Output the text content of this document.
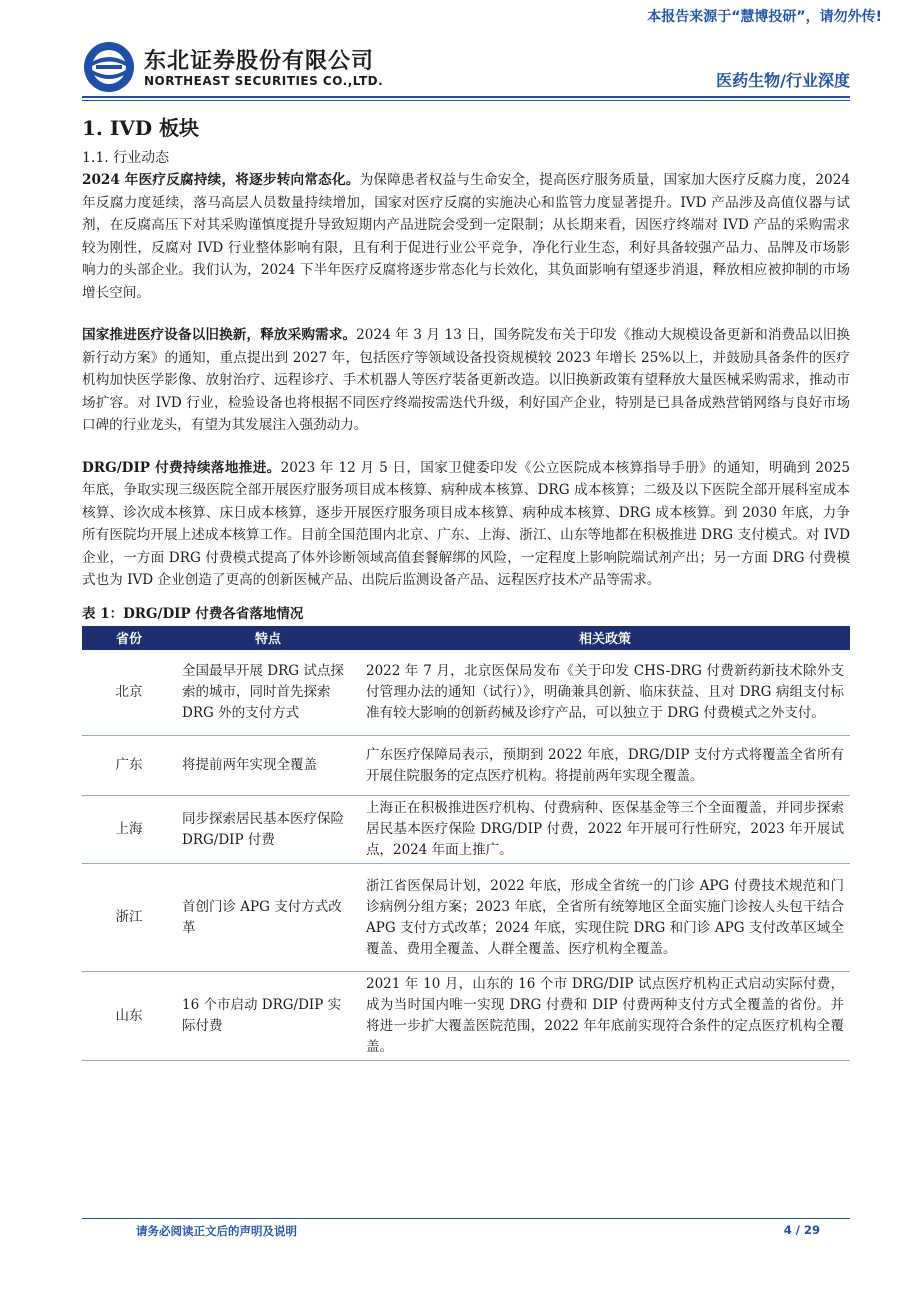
本报告来源于“慧博投研”，请勿外传!
东北证券股份有限公司
NORTHEAST SECURITIES CO.,LTD.	医药生物/行业深度
1. IVD 板块
1.1. 行业动态

2024 年医疗反腐持续，将逐步转向常态化。为保障患者权益与生命安全，提高医疗服务质量，国家加大医疗反腐力度，2024 年反腐力度延续，落马高层人员数量持续增加，国家对医疗反腐的实施决心和监管力度显著提升。IVD 产品涉及高值仪器与试剂，在反腐高压下对其采购谨慎度提升导致短期内产品进院会受到一定限制；从长期来看，因医疗终端对 IVD 产品的采购需求较为刚性，反腐对 IVD 行业整体影响有限，且有利于促进行业公平竞争，净化行业生态，利好具备较强产品力、品牌及市场影响力的头部企业。我们认为，2024 下半年医疗反腐将逐步常态化与长效化，其负面影响有望逐步消退，释放相应被抑制的市场增长空间。

国家推进医疗设备以旧换新，释放采购需求。2024 年 3 月 13 日，国务院发布关于印发《推动大规模设备更新和消费品以旧换新行动方案》的通知，重点提出到 2027 年，包括医疗等领域设备投资规模较 2023 年增长 25%以上，并鼓励具备条件的医疗机构加快医学影像、放射治疗、远程诊疗、手术机器人等医疗装备更新改造。以旧换新政策有望释放大量医械采购需求，推动市场扩容。对 IVD 行业，检验设备也将根据不同医疗终端按需迭代升级，利好国产企业，特别是已具备成熟营销网络与良好市场口碑的行业龙头，有望为其发展注入强劲动力。

DRG/DIP 付费持续落地推进。2023 年 12 月 5 日，国家卫健委印发《公立医院成本核算指导手册》的通知，明确到 2025 年底，争取实现三级医院全部开展医疗服务项目成本核算、病种成本核算、DRG 成本核算；二级及以下医院全部开展科室成本核算、诊次成本核算、床日成本核算，逐步开展医疗服务项目成本核算、病种成本核算、DRG 成本核算。到 2030 年底，力争所有医院均开展上述成本核算工作。目前全国范围内北京、广东、上海、浙江、山东等地都在积极推进 DRG 支付模式。对 IVD 企业，一方面 DRG 付费模式提高了体外诊断领域高值套餐解绑的风险，一定程度上影响院端试剂产出；另一方面 DRG 付费模式也为 IVD 企业创造了更高的创新医械产品、出院后监测设备产品、远程医疗技术产品等需求。

表 1：DRG/DIP 付费各省落地情况
省份	特点	相关政策
北京	全国最早开展 DRG 试点探索的城市，同时首先探索 DRG 外的支付方式	2022 年 7 月，北京医保局发布《关于印发 CHS-DRG 付费新药新技术除外支付管理办法的通知（试行）》，明确兼具创新、临床获益、且对 DRG 病组支付标准有较大影响的创新药械及诊疗产品，可以独立于 DRG 付费模式之外支付。
广东	将提前两年实现全覆盖	广东医疗保障局表示，预期到 2022 年底，DRG/DIP 支付方式将覆盖全省所有开展住院服务的定点医疗机构。将提前两年实现全覆盖。
上海	同步探索居民基本医疗保险 DRG/DIP 付费	上海正在积极推进医疗机构、付费病种、医保基金等三个全面覆盖，并同步探索居民基本医疗保险 DRG/DIP 付费，2022 年开展可行性研究，2023 年开展试点，2024 年面上推广。
浙江	首创门诊 APG 支付方式改革	浙江省医保局计划，2022 年底，形成全省统一的门诊 APG 付费技术规范和门诊病例分组方案；2023 年底，全省所有统筹地区全面实施门诊按人头包干结合 APG 支付方式改革；2024 年底，实现住院 DRG 和门诊 APG 支付改革区域全覆盖、费用全覆盖、人群全覆盖、医疗机构全覆盖。
山东	16 个市启动 DRG/DIP 实际付费	2021 年 10 月，山东的 16 个市 DRG/DIP 试点医疗机构正式启动实际付费，成为当时国内唯一实现 DRG 付费和 DIP 付费两种支付方式全覆盖的省份。并将进一步扩大覆盖医院范围，2022 年年底前实现符合条件的定点医疗机构全覆盖。
请务必阅读正文后的声明及说明	4 / 29
